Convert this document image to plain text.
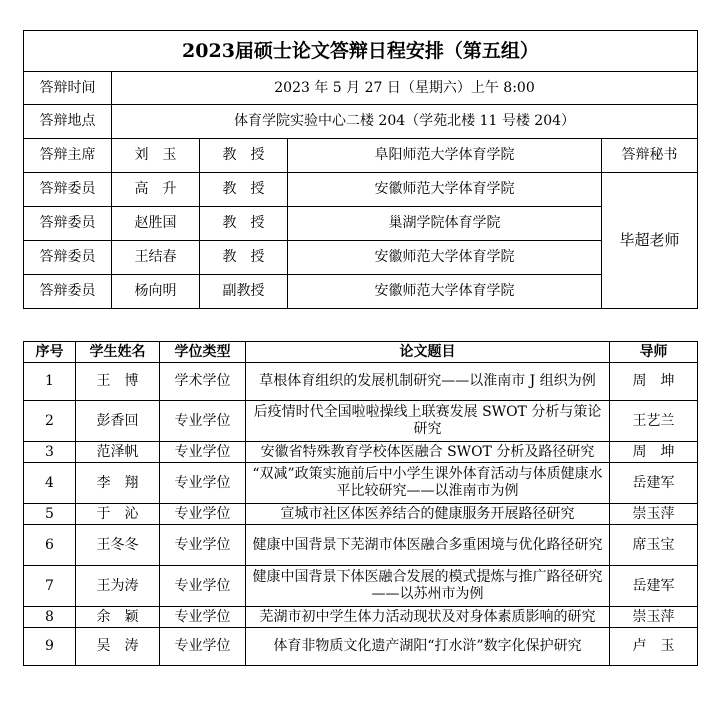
2023届硕士论文答辩日程安排（第五组）				
答辩时间	2023 年 5 月 27 日（星期六）上午 8:00			
答辩地点	体育学院实验中心二楼 204（学苑北楼 11 号楼 204）			
答辩主席	刘　玉	教　授	阜阳师范大学体育学院	答辩秘书
答辩委员	高　升	教　授	安徽师范大学体育学院	毕超老师
答辩委员	赵胜国	教　授	巢湖学院体育学院	
答辩委员	王结春	教　授	安徽师范大学体育学院	
答辩委员	杨向明	副教授	安徽师范大学体育学院	
序号	学生姓名	学位类型	论文题目	导师
1	王　博	学术学位	草根体育组织的发展机制研究——以淮南市 J 组织为例	周　坤
2	彭香回	专业学位	后疫情时代全国啦啦操线上联赛发展 SWOT 分析与策论研究	王艺兰
3	范泽帆	专业学位	安徽省特殊教育学校体医融合 SWOT 分析及路径研究	周　坤
4	李　翔	专业学位	“双减”政策实施前后中小学生课外体育活动与体质健康水平比较研究——以淮南市为例	岳建军
5	于　沁	专业学位	宣城市社区体医养结合的健康服务开展路径研究	崇玉萍
6	王冬冬	专业学位	健康中国背景下芜湖市体医融合多重困境与优化路径研究	席玉宝
7	王为涛	专业学位	健康中国背景下体医融合发展的模式提炼与推广路径研究——以苏州市为例	岳建军
8	余　颖	专业学位	芜湖市初中学生体力活动现状及对身体素质影响的研究	崇玉萍
9	吴　涛	专业学位	体育非物质文化遗产湖阳“打水浒”数字化保护研究	卢　玉
